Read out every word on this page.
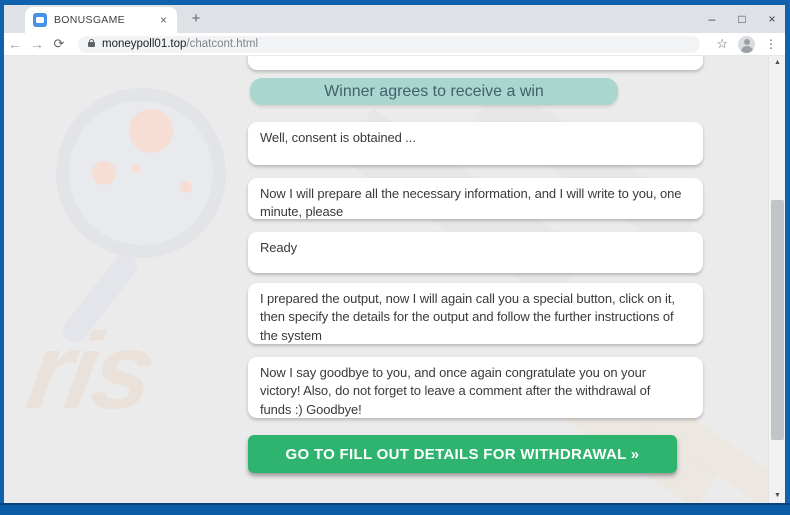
BONUSGAME	×	+	–	□ ×
← → ⟳	moneypoll01.top/chatcont.html	☆	⋮
ris
Winner agrees to receive a win
Well, consent is obtained ...
Now I will prepare all the necessary information, and I will write to you, one minute, please
Ready
I prepared the output, now I will again call you a special button, click on it, then specify the details for the output and follow the further instructions of the system
Now I say goodbye to you, and once again congratulate you on your victory! Also, do not forget to leave a comment after the withdrawal of funds :) Goodbye!
GO TO FILL OUT DETAILS FOR WITHDRAWAL »
▲
▼
